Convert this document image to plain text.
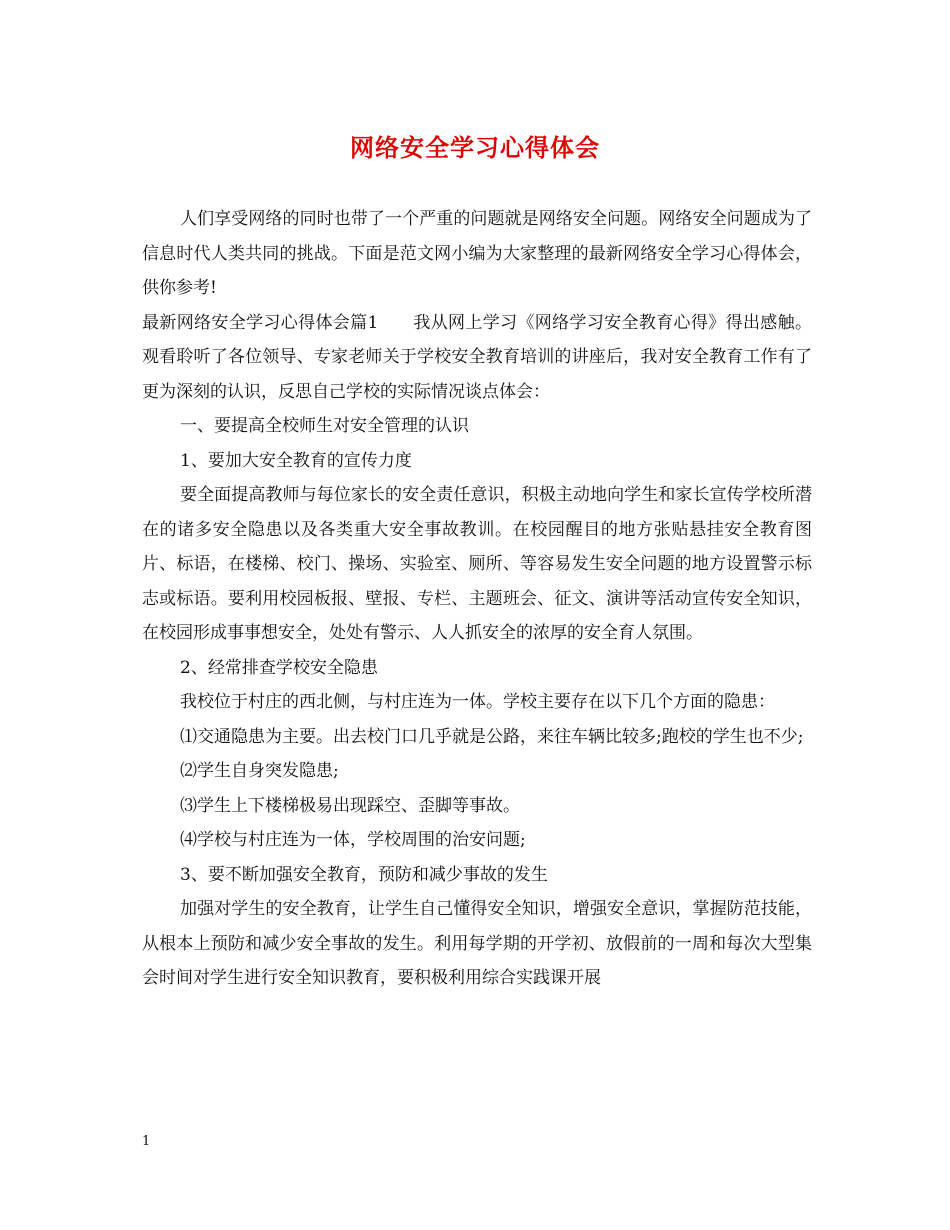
网络安全学习心得体会

人们享受网络的同时也带了一个严重的问题就是网络安全问题。网络安全问题成为了信息时代人类共同的挑战。下面是范文网小编为大家整理的最新网络安全学习心得体会，供你参考!

最新网络安全学习心得体会篇1　　我从网上学习《网络学习安全教育心得》得出感触。观看聆听了各位领导、专家老师关于学校安全教育培训的讲座后，我对安全教育工作有了更为深刻的认识，反思自己学校的实际情况谈点体会：

一、要提高全校师生对安全管理的认识

1、要加大安全教育的宣传力度

要全面提高教师与每位家长的安全责任意识，积极主动地向学生和家长宣传学校所潜在的诸多安全隐患以及各类重大安全事故教训。在校园醒目的地方张贴悬挂安全教育图片、标语，在楼梯、校门、操场、实验室、厕所、等容易发生安全问题的地方设置警示标志或标语。要利用校园板报、壁报、专栏、主题班会、征文、演讲等活动宣传安全知识，在校园形成事事想安全，处处有警示、人人抓安全的浓厚的安全育人氛围。

2、经常排查学校安全隐患

我校位于村庄的西北侧，与村庄连为一体。学校主要存在以下几个方面的隐患：

⑴交通隐患为主要。出去校门口几乎就是公路，来往车辆比较多;跑校的学生也不少;

⑵学生自身突发隐患;

⑶学生上下楼梯极易出现踩空、歪脚等事故。

⑷学校与村庄连为一体，学校周围的治安问题;

3、要不断加强安全教育，预防和减少事故的发生

加强对学生的安全教育，让学生自己懂得安全知识，增强安全意识，掌握防范技能，从根本上预防和减少安全事故的发生。利用每学期的开学初、放假前的一周和每次大型集会时间对学生进行安全知识教育，要积极利用综合实践课开展

1
